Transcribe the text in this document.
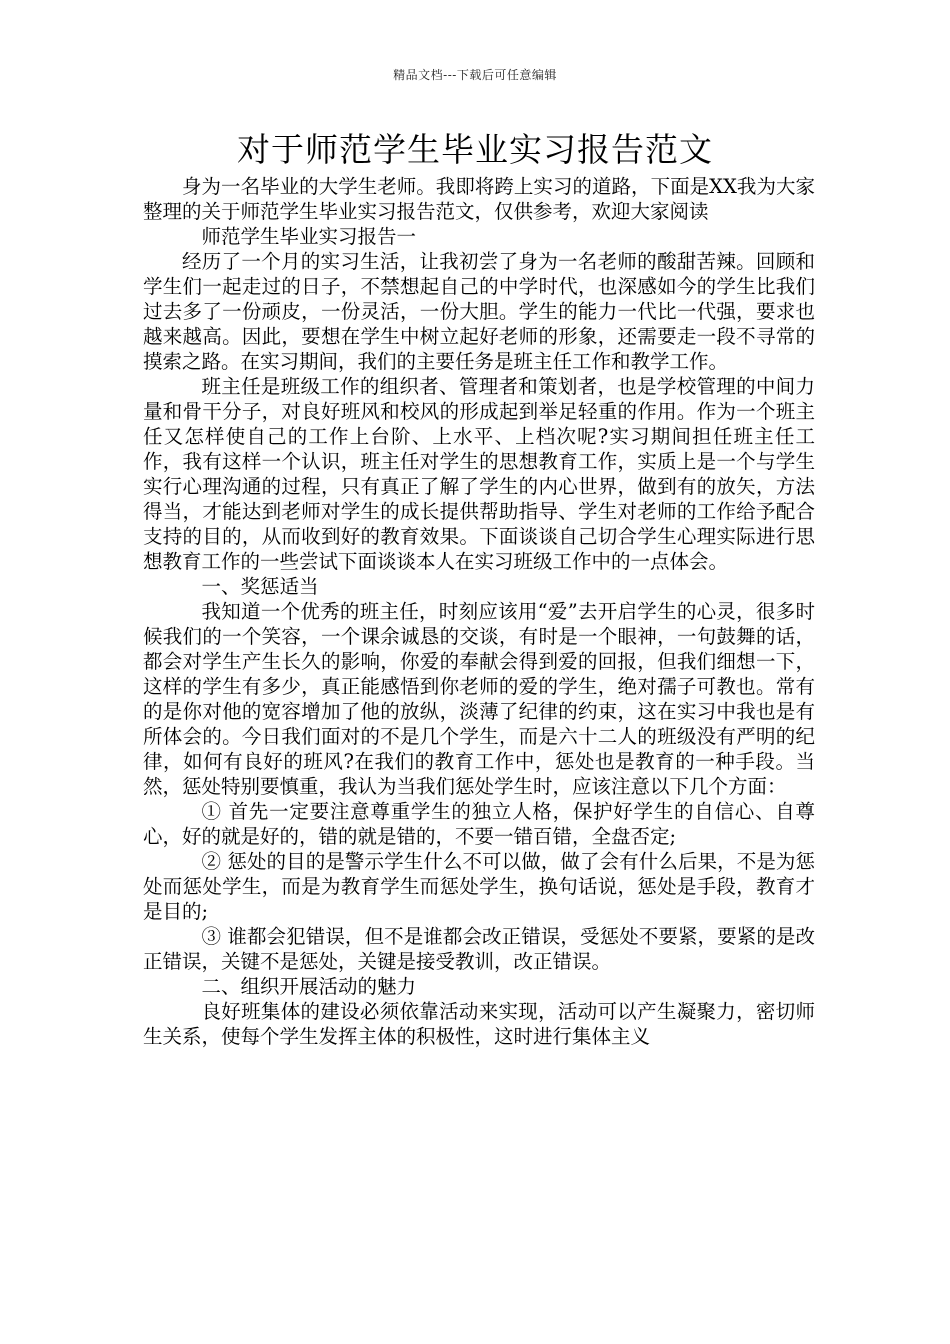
精品文档---下载后可任意编辑
对于师范学生毕业实习报告范文

身为一名毕业的大学生老师。我即将跨上实习的道路，下面是XX我为大家整理的关于师范学生毕业实习报告范文，仅供参考，欢迎大家阅读

师范学生毕业实习报告一

经历了一个月的实习生活，让我初尝了身为一名老师的酸甜苦辣。回顾和学生们一起走过的日子，不禁想起自己的中学时代，也深感如今的学生比我们过去多了一份顽皮，一份灵活，一份大胆。学生的能力一代比一代强，要求也越来越高。因此，要想在学生中树立起好老师的形象，还需要走一段不寻常的摸索之路。在实习期间，我们的主要任务是班主任工作和教学工作。

班主任是班级工作的组织者、管理者和策划者，也是学校管理的中间力量和骨干分子，对良好班风和校风的形成起到举足轻重的作用。作为一个班主任又怎样使自己的工作上台阶、上水平、上档次呢?实习期间担任班主任工作，我有这样一个认识，班主任对学生的思想教育工作，实质上是一个与学生实行心理沟通的过程，只有真正了解了学生的内心世界，做到有的放矢，方法得当，才能达到老师对学生的成长提供帮助指导、学生对老师的工作给予配合支持的目的，从而收到好的教育效果。下面谈谈自己切合学生心理实际进行思想教育工作的一些尝试下面谈谈本人在实习班级工作中的一点体会。

一、奖惩适当

我知道一个优秀的班主任，时刻应该用“爱”去开启学生的心灵，很多时候我们的一个笑容，一个课余诚恳的交谈，有时是一个眼神，一句鼓舞的话，都会对学生产生长久的影响，你爱的奉献会得到爱的回报，但我们细想一下，这样的学生有多少，真正能感悟到你老师的爱的学生，绝对孺子可教也。常有的是你对他的宽容增加了他的放纵，淡薄了纪律的约束，这在实习中我也是有所体会的。今日我们面对的不是几个学生，而是六十二人的班级没有严明的纪律，如何有良好的班风?在我们的教育工作中，惩处也是教育的一种手段。当然，惩处特别要慎重，我认为当我们惩处学生时，应该注意以下几个方面：

① 首先一定要注意尊重学生的独立人格，保护好学生的自信心、自尊心，好的就是好的，错的就是错的，不要一错百错，全盘否定;

② 惩处的目的是警示学生什么不可以做，做了会有什么后果，不是为惩处而惩处学生，而是为教育学生而惩处学生，换句话说，惩处是手段，教育才是目的;

③ 谁都会犯错误，但不是谁都会改正错误，受惩处不要紧，要紧的是改正错误，关键不是惩处，关键是接受教训，改正错误。

二、组织开展活动的魅力

良好班集体的建设必须依靠活动来实现，活动可以产生凝聚力，密切师生关系，使每个学生发挥主体的积极性，这时进行集体主义
